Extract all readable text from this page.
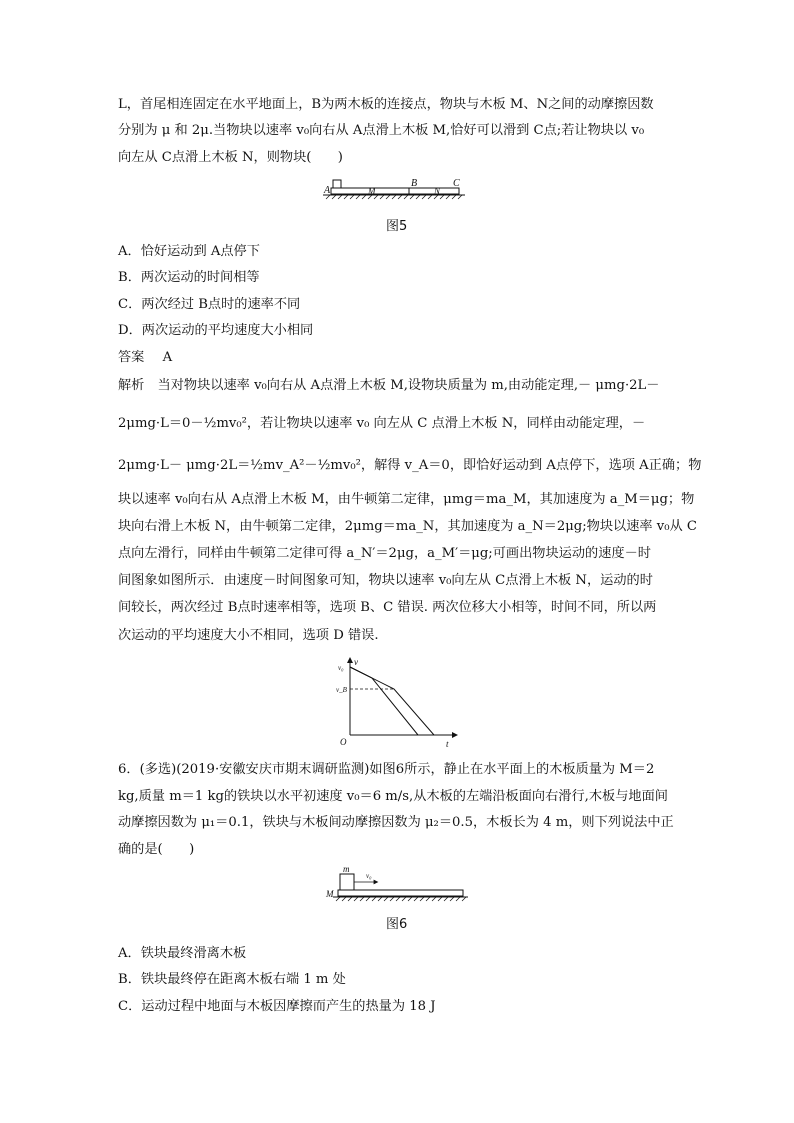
L，首尾相连固定在水平地面上，B为两木板的连接点，物块与木板 M、N之间的动摩擦因数
分别为 μ 和 2μ.当物块以速率 v₀向右从 A点滑上木板 M,恰好可以滑到 C点;若让物块以 v₀
向左从 C点滑上木板 N，则物块(　　)
A	M
B
N
C
图5
A．恰好运动到 A点停下
B．两次运动的时间相等
C．两次经过 B点时的速率不同
D．两次运动的平均速度大小相同
答案 A
解析　当对物块以速率 v₀向右从 A点滑上木板 M,设物块质量为 m,由动能定理,－ μmg·2L－
2μmg·L＝0－½mv₀²，若让物块以速率 v₀ 向左从 C 点滑上木板 N，同样由动能定理，－
2μmg·L－ μmg·2L＝½mv_A²－½mv₀²，解得 v_A＝0，即恰好运动到 A点停下，选项 A正确；物
块以速率 v₀向右从 A点滑上木板 M，由牛顿第二定律，μmg＝ma_M，其加速度为 a_M＝μg；物
块向右滑上木板 N，由牛顿第二定律，2μmg＝ma_N，其加速度为 a_N＝2μg;物块以速率 v₀从 C
点向左滑行，同样由牛顿第二定律可得 a_N′＝2μg，a_M′＝μg;可画出物块运动的速度－时
间图象如图所示．由速度－时间图象可知，物块以速率 v₀向左从 C点滑上木板 N，运动的时
间较长，两次经过 B点时速率相等，选项 B、C 错误. 两次位移大小相等，时间不同，所以两
次运动的平均速度大小不相同，选项 D 错误.
v
v₀
v_B
O	t
6．(多选)(2019·安徽安庆市期末调研监测)如图6所示，静止在水平面上的木板质量为 M＝2
kg,质量 m＝1 kg的铁块以水平初速度 v₀＝6 m/s,从木板的左端沿板面向右滑行,木板与地面间
动摩擦因数为 μ₁＝0.1，铁块与木板间动摩擦因数为 μ₂＝0.5，木板长为 4 m，则下列说法中正
确的是(　　)
m
v₀
M
图6
A．铁块最终滑离木板
B．铁块最终停在距离木板右端 1 m 处
C．运动过程中地面与木板因摩擦而产生的热量为 18 J
